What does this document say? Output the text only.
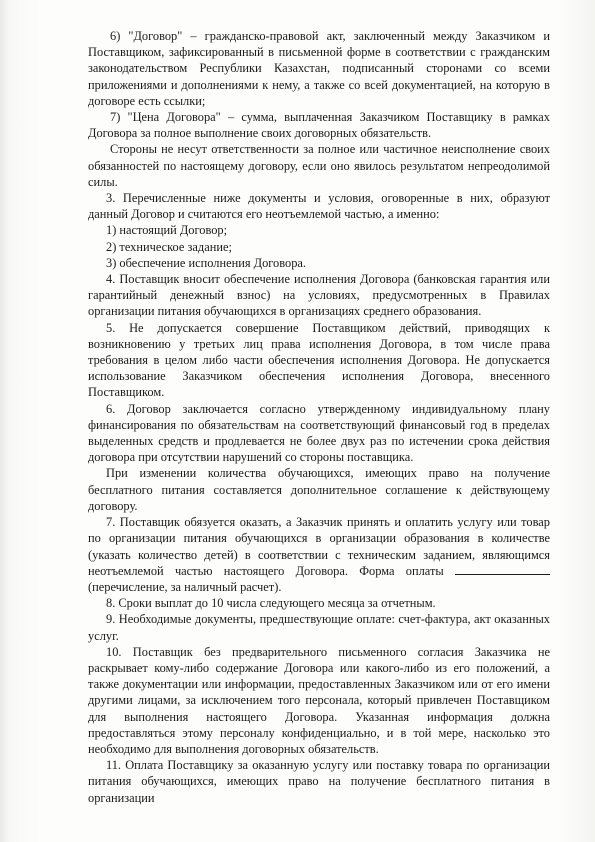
6) "Договор" – гражданско-правовой акт, заключенный между Заказчиком и Поставщиком, зафиксированный в письменной форме в соответствии с гражданским законодательством Республики Казахстан, подписанный сторонами со всеми приложениями и дополнениями к нему, а также со всей документацией, на которую в договоре есть ссылки;

7) "Цена Договора" – сумма, выплаченная Заказчиком Поставщику в рамках Договора за полное выполнение своих договорных обязательств.

Стороны не несут ответственности за полное или частичное неисполнение своих обязанностей по настоящему договору, если оно явилось результатом непреодолимой силы.

3. Перечисленные ниже документы и условия, оговоренные в них, образуют данный Договор и считаются его неотъемлемой частью, а именно:

1) настоящий Договор;

2) техническое задание;

3) обеспечение исполнения Договора.

4. Поставщик вносит обеспечение исполнения Договора (банковская гарантия или гарантийный денежный взнос) на условиях, предусмотренных в Правилах организации питания обучающихся в организациях среднего образования.

5. Не допускается совершение Поставщиком действий, приводящих к возникновению у третьих лиц права исполнения Договора, в том числе права требования в целом либо части обеспечения исполнения Договора. Не допускается использование Заказчиком обеспечения исполнения Договора, внесенного Поставщиком.

6. Договор заключается согласно утвержденному индивидуальному плану финансирования по обязательствам на соответствующий финансовый год в пределах выделенных средств и продлевается не более двух раз по истечении срока действия договора при отсутствии нарушений со стороны поставщика.

При изменении количества обучающихся, имеющих право на получение бесплатного питания составляется дополнительное соглашение к действующему договору.

7. Поставщик обязуется оказать, а Заказчик принять и оплатить услугу или товар по организации питания обучающихся в организации образования в количестве (указать количество детей) в соответствии с техническим заданием, являющимся неотъемлемой частью настоящего Договора. Форма оплаты (перечисление, за наличный расчет).

8. Сроки выплат до 10 числа следующего месяца за отчетным.

9. Необходимые документы, предшествующие оплате: счет-фактура, акт оказанных услуг.

10. Поставщик без предварительного письменного согласия Заказчика не раскрывает кому-либо содержание Договора или какого-либо из его положений, а также документации или информации, предоставленных Заказчиком или от его имени другими лицами, за исключением того персонала, который привлечен Поставщиком для выполнения настоящего Договора. Указанная информация должна предоставляться этому персоналу конфиденциально, и в той мере, насколько это необходимо для выполнения договорных обязательств.

11. Оплата Поставщику за оказанную услугу или поставку товара по организации питания обучающихся, имеющих право на получение бесплатного питания в организации
